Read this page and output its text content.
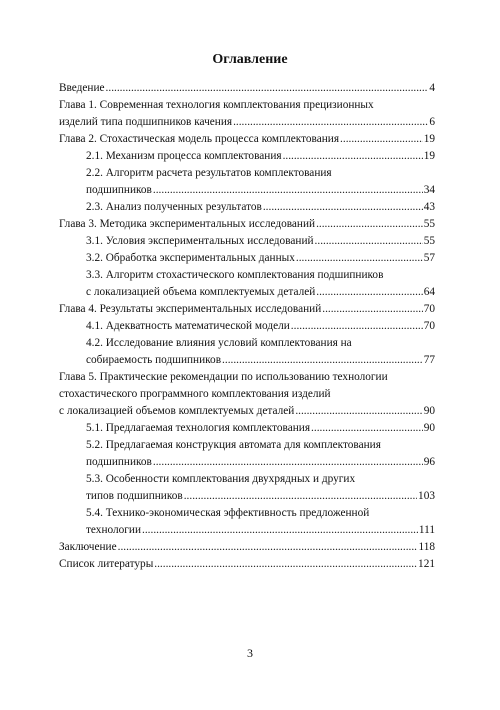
Оглавление
Введение .....	4
Глава 1. Современная технология комплектования прецизионных
изделий типа подшипников качения .....	6
Глава 2. Стохастическая модель процесса комплектования .....	19
2.1. Механизм процесса комплектования .....	19
2.2. Алгоритм расчета результатов комплектования
подшипников .....	34
2.3. Анализ полученных результатов .....	43
Глава 3. Методика экспериментальных исследований .....	55
3.1. Условия экспериментальных исследований .....	55
3.2. Обработка экспериментальных данных .....	57
3.3. Алгоритм стохастического комплектования подшипников
с локализацией объема комплектуемых деталей .....	64
Глава 4. Результаты экспериментальных исследований .....	70
4.1. Адекватность математической модели .....	70
4.2. Исследование влияния условий комплектования на
собираемость подшипников .....	77
Глава 5. Практические рекомендации по использованию технологии
стохастического программного комплектования изделий
с локализацией объемов комплектуемых деталей .....	90
5.1. Предлагаемая технология комплектования .....	90
5.2. Предлагаемая конструкция автомата для комплектования
подшипников .....	96
5.3. Особенности комплектования двухрядных и других
типов подшипников .....	103
5.4. Технико-экономическая эффективность предложенной
технологии .....	111
Заключение .....	118
Список литературы .....	121
3
